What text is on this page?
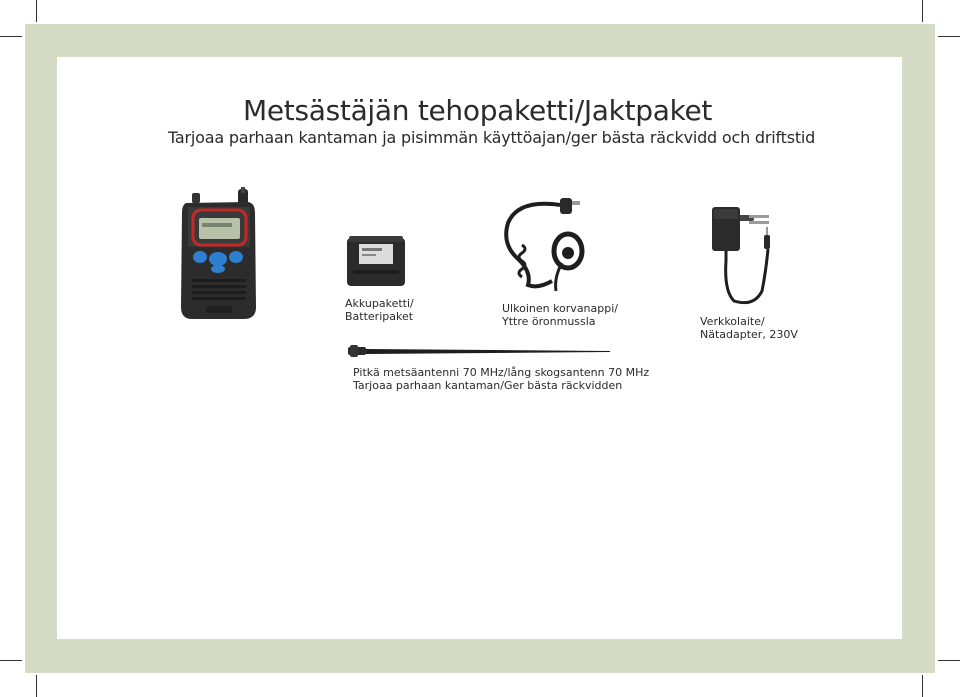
Metsästäjän tehopaketti/Jaktpaket
Tarjoaa parhaan kantaman ja pisimmän käyttöajan/ger bästa räckvidd och driftstid
Akkupaketti/
Batteripaket
Ulkoinen korvanappi/
Yttre öronmussla	Verkkolaite/
Nätadapter, 230V
Pitkä metsäantenni 70 MHz/lång skogsantenn 70 MHz
Tarjoaa parhaan kantaman/Ger bästa räckvidden
